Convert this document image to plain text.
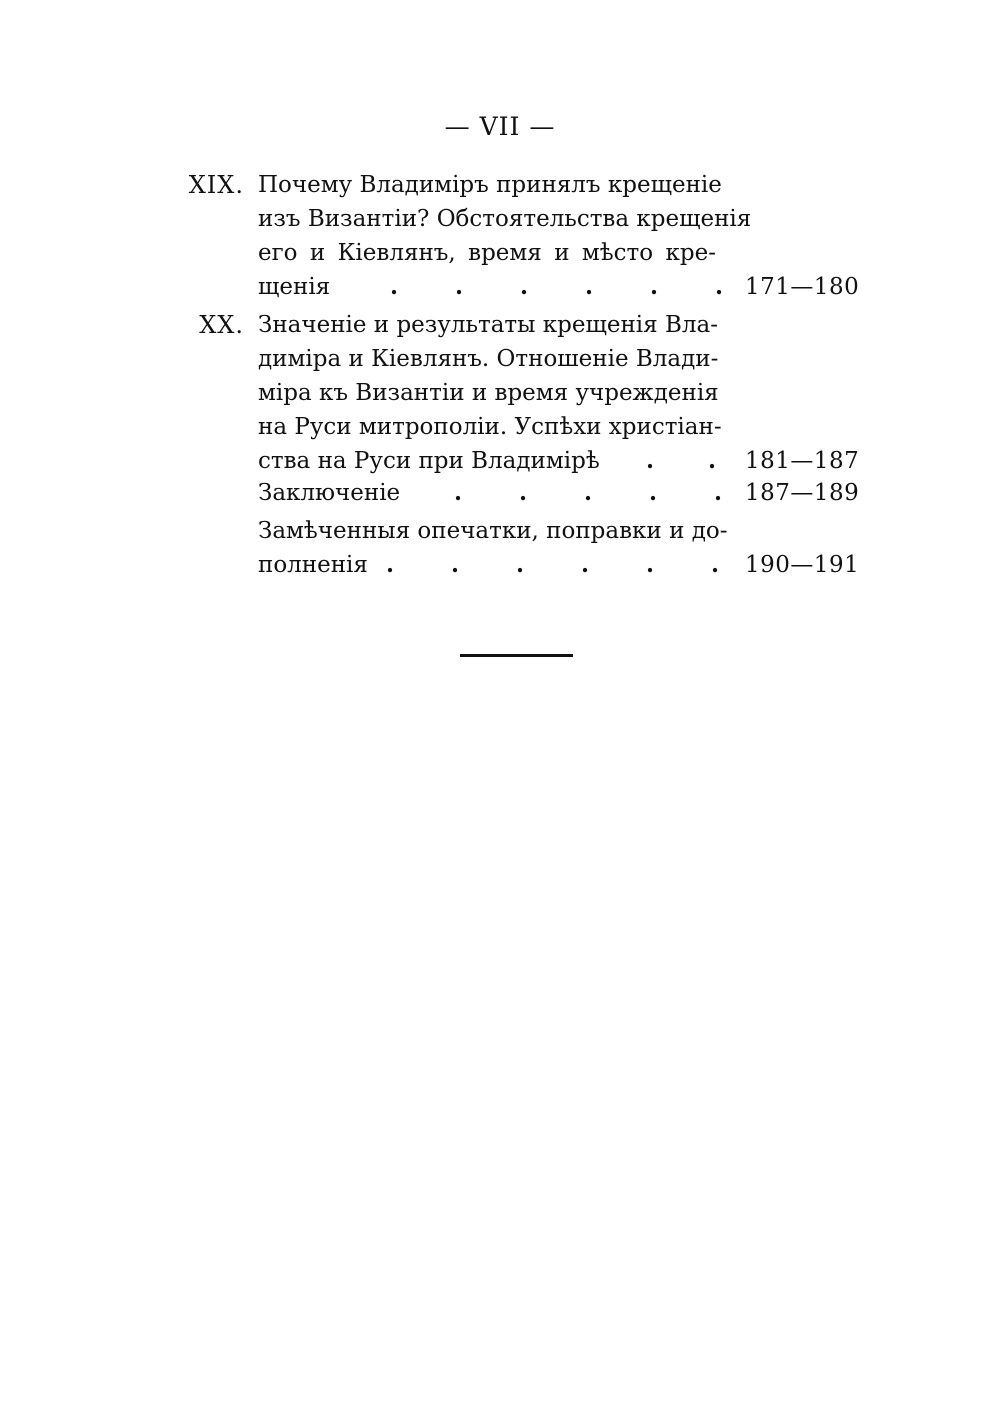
— VII —
XIX. Почему Владиміръ принялъ крещеніе
изъ Византіи? Обстоятельства крещенія
его и Кіевлянъ, время и мѣсто кре-
щенія	. . . . . . 171—180
XX. Значеніе и результаты крещенія Вла-
диміра и Кіевлянъ. Отношеніе Влади-
міра къ Византіи и время учрежденія
на Руси митрополіи. Успѣхи христіан-
ства на Руси при Владимірѣ . . 181—187
Заключеніе . . . . . 187—189
Замѣченныя опечатки, поправки и до-
полненія . . . . . . 190—191
